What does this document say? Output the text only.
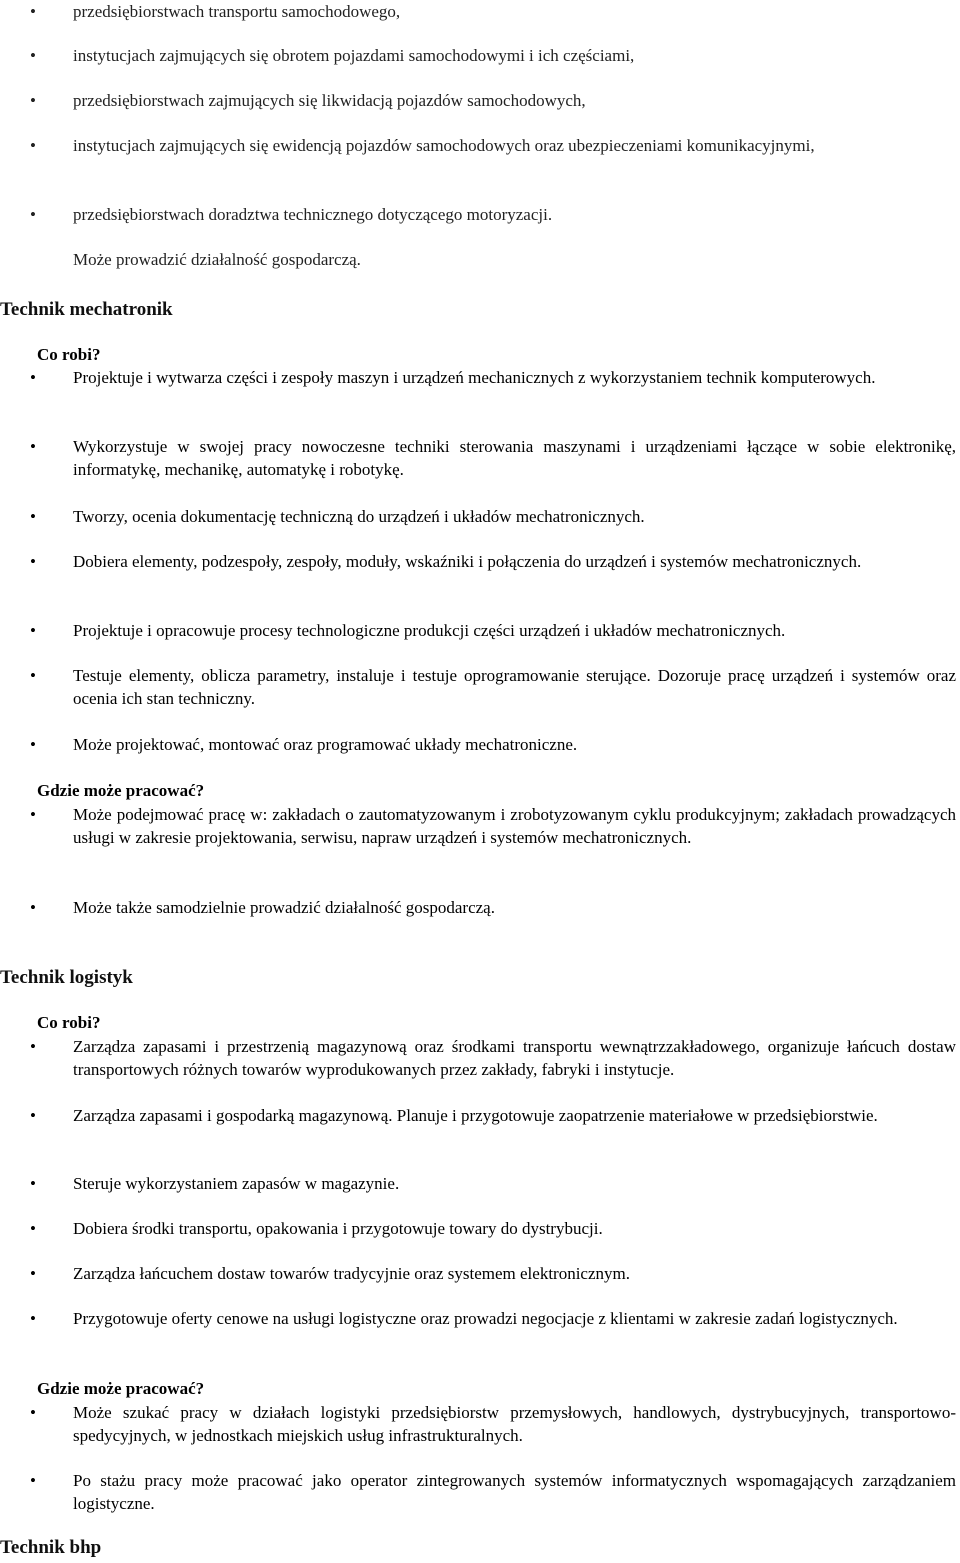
•
przedsiębiorstwach transportu samochodowego,
•
instytucjach zajmujących się obrotem pojazdami samochodowymi i ich częściami,
•
przedsiębiorstwach zajmujących się likwidacją pojazdów samochodowych,
•
instytucjach zajmujących się ewidencją pojazdów samochodowych oraz ubezpieczeniami komunikacyjnymi,
•
przedsiębiorstwach doradztwa technicznego dotyczącego motoryzacji.
Może prowadzić działalność gospodarczą.
Technik mechatronik
Co robi?
•
Projektuje i wytwarza części i zespoły maszyn i urządzeń mechanicznych z wykorzystaniem technik komputerowych.
•
Wykorzystuje w swojej pracy nowoczesne techniki sterowania maszynami i urządzeniami łączące w sobie elektronikę, informatykę, mechanikę, automatykę i robotykę.
•
Tworzy, ocenia dokumentację techniczną do urządzeń i układów mechatronicznych.
•
Dobiera elementy, podzespoły, zespoły, moduły, wskaźniki i połączenia do urządzeń i systemów mechatronicznych.
•
Projektuje i opracowuje procesy technologiczne produkcji części urządzeń i układów mechatronicznych.
•
Testuje elementy, oblicza parametry, instaluje i testuje oprogramowanie sterujące. Dozoruje pracę urządzeń i systemów oraz ocenia ich stan techniczny.
•
Może projektować, montować oraz programować układy mechatroniczne.
Gdzie może pracować?
•
Może podejmować pracę w: zakładach o zautomatyzowanym i zrobotyzowanym cyklu produkcyjnym; zakładach prowadzących usługi w zakresie projektowania, serwisu, napraw urządzeń i systemów mechatronicznych.
•
Może także samodzielnie prowadzić działalność gospodarczą.
Technik logistyk
Co robi?
•
Zarządza zapasami i przestrzenią magazynową oraz środkami transportu wewnątrzzakładowego, organizuje łańcuch dostaw transportowych różnych towarów wyprodukowanych przez zakłady, fabryki i instytucje.
•
Zarządza zapasami i gospodarką magazynową. Planuje i przygotowuje zaopatrzenie materiałowe w przedsiębiorstwie.
•
Steruje wykorzystaniem zapasów w magazynie.
•
Dobiera środki transportu, opakowania i przygotowuje towary do dystrybucji.
•
Zarządza łańcuchem dostaw towarów tradycyjnie oraz systemem elektronicznym.
•
Przygotowuje oferty cenowe na usługi logistyczne oraz prowadzi negocjacje z klientami w zakresie zadań logistycznych.
Gdzie może pracować?
•
Może szukać pracy w działach logistyki przedsiębiorstw przemysłowych, handlowych, dystrybucyjnych, transportowo-spedycyjnych, w jednostkach miejskich usług infrastrukturalnych.
•
Po stażu pracy może pracować jako operator zintegrowanych systemów informatycznych wspomagających zarządzaniem logistyczne.
Technik bhp
